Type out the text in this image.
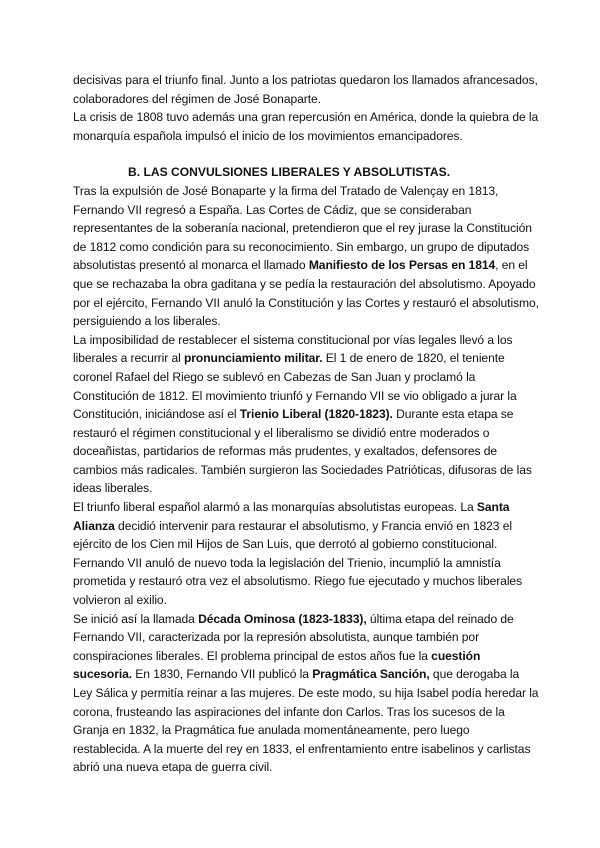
decisivas para el triunfo final. Junto a los patriotas quedaron los llamados afrancesados, colaboradores del régimen de José Bonaparte.

La crisis de 1808 tuvo además una gran repercusión en América, donde la quiebra de la monarquía española impulsó el inicio de los movimientos emancipadores.

B. LAS CONVULSIONES LIBERALES Y ABSOLUTISTAS.

Tras la expulsión de José Bonaparte y la firma del Tratado de Valençay en 1813, Fernando VII regresó a España. Las Cortes de Cádiz, que se consideraban representantes de la soberanía nacional, pretendieron que el rey jurase la Constitución de 1812 como condición para su reconocimiento. Sin embargo, un grupo de diputados absolutistas presentó al monarca el llamado Manifiesto de los Persas en 1814, en el que se rechazaba la obra gaditana y se pedía la restauración del absolutismo. Apoyado por el ejército, Fernando VII anuló la Constitución y las Cortes y restauró el absolutismo, persiguiendo a los liberales.

La imposibilidad de restablecer el sistema constitucional por vías legales llevó a los liberales a recurrir al pronunciamiento militar. El 1 de enero de 1820, el teniente coronel Rafael del Riego se sublevó en Cabezas de San Juan y proclamó la Constitución de 1812. El movimiento triunfó y Fernando VII se vio obligado a jurar la Constitución, iniciándose así el Trienio Liberal (1820-1823). Durante esta etapa se restauró el régimen constitucional y el liberalismo se dividió entre moderados o doceañistas, partidarios de reformas más prudentes, y exaltados, defensores de cambios más radicales. También surgieron las Sociedades Patrióticas, difusoras de las ideas liberales.

El triunfo liberal español alarmó a las monarquías absolutistas europeas. La Santa Alianza decidió intervenir para restaurar el absolutismo, y Francia envió en 1823 el ejército de los Cien mil Hijos de San Luis, que derrotó al gobierno constitucional. Fernando VII anuló de nuevo toda la legislación del Trienio, incumplió la amnistía prometida y restauró otra vez el absolutismo. Riego fue ejecutado y muchos liberales volvieron al exilio.

Se inició así la llamada Década Ominosa (1823-1833), última etapa del reinado de Fernando VII, caracterizada por la represión absolutista, aunque también por conspiraciones liberales. El problema principal de estos años fue la cuestión sucesoria. En 1830, Fernando VII publicó la Pragmática Sanción, que derogaba la Ley Sálica y permitía reinar a las mujeres. De este modo, su hija Isabel podía heredar la corona, frusteando las aspiraciones del infante don Carlos. Tras los sucesos de la Granja en 1832, la Pragmática fue anulada momentáneamente, pero luego restablecida. A la muerte del rey en 1833, el enfrentamiento entre isabelinos y carlistas abrió una nueva etapa de guerra civil.
